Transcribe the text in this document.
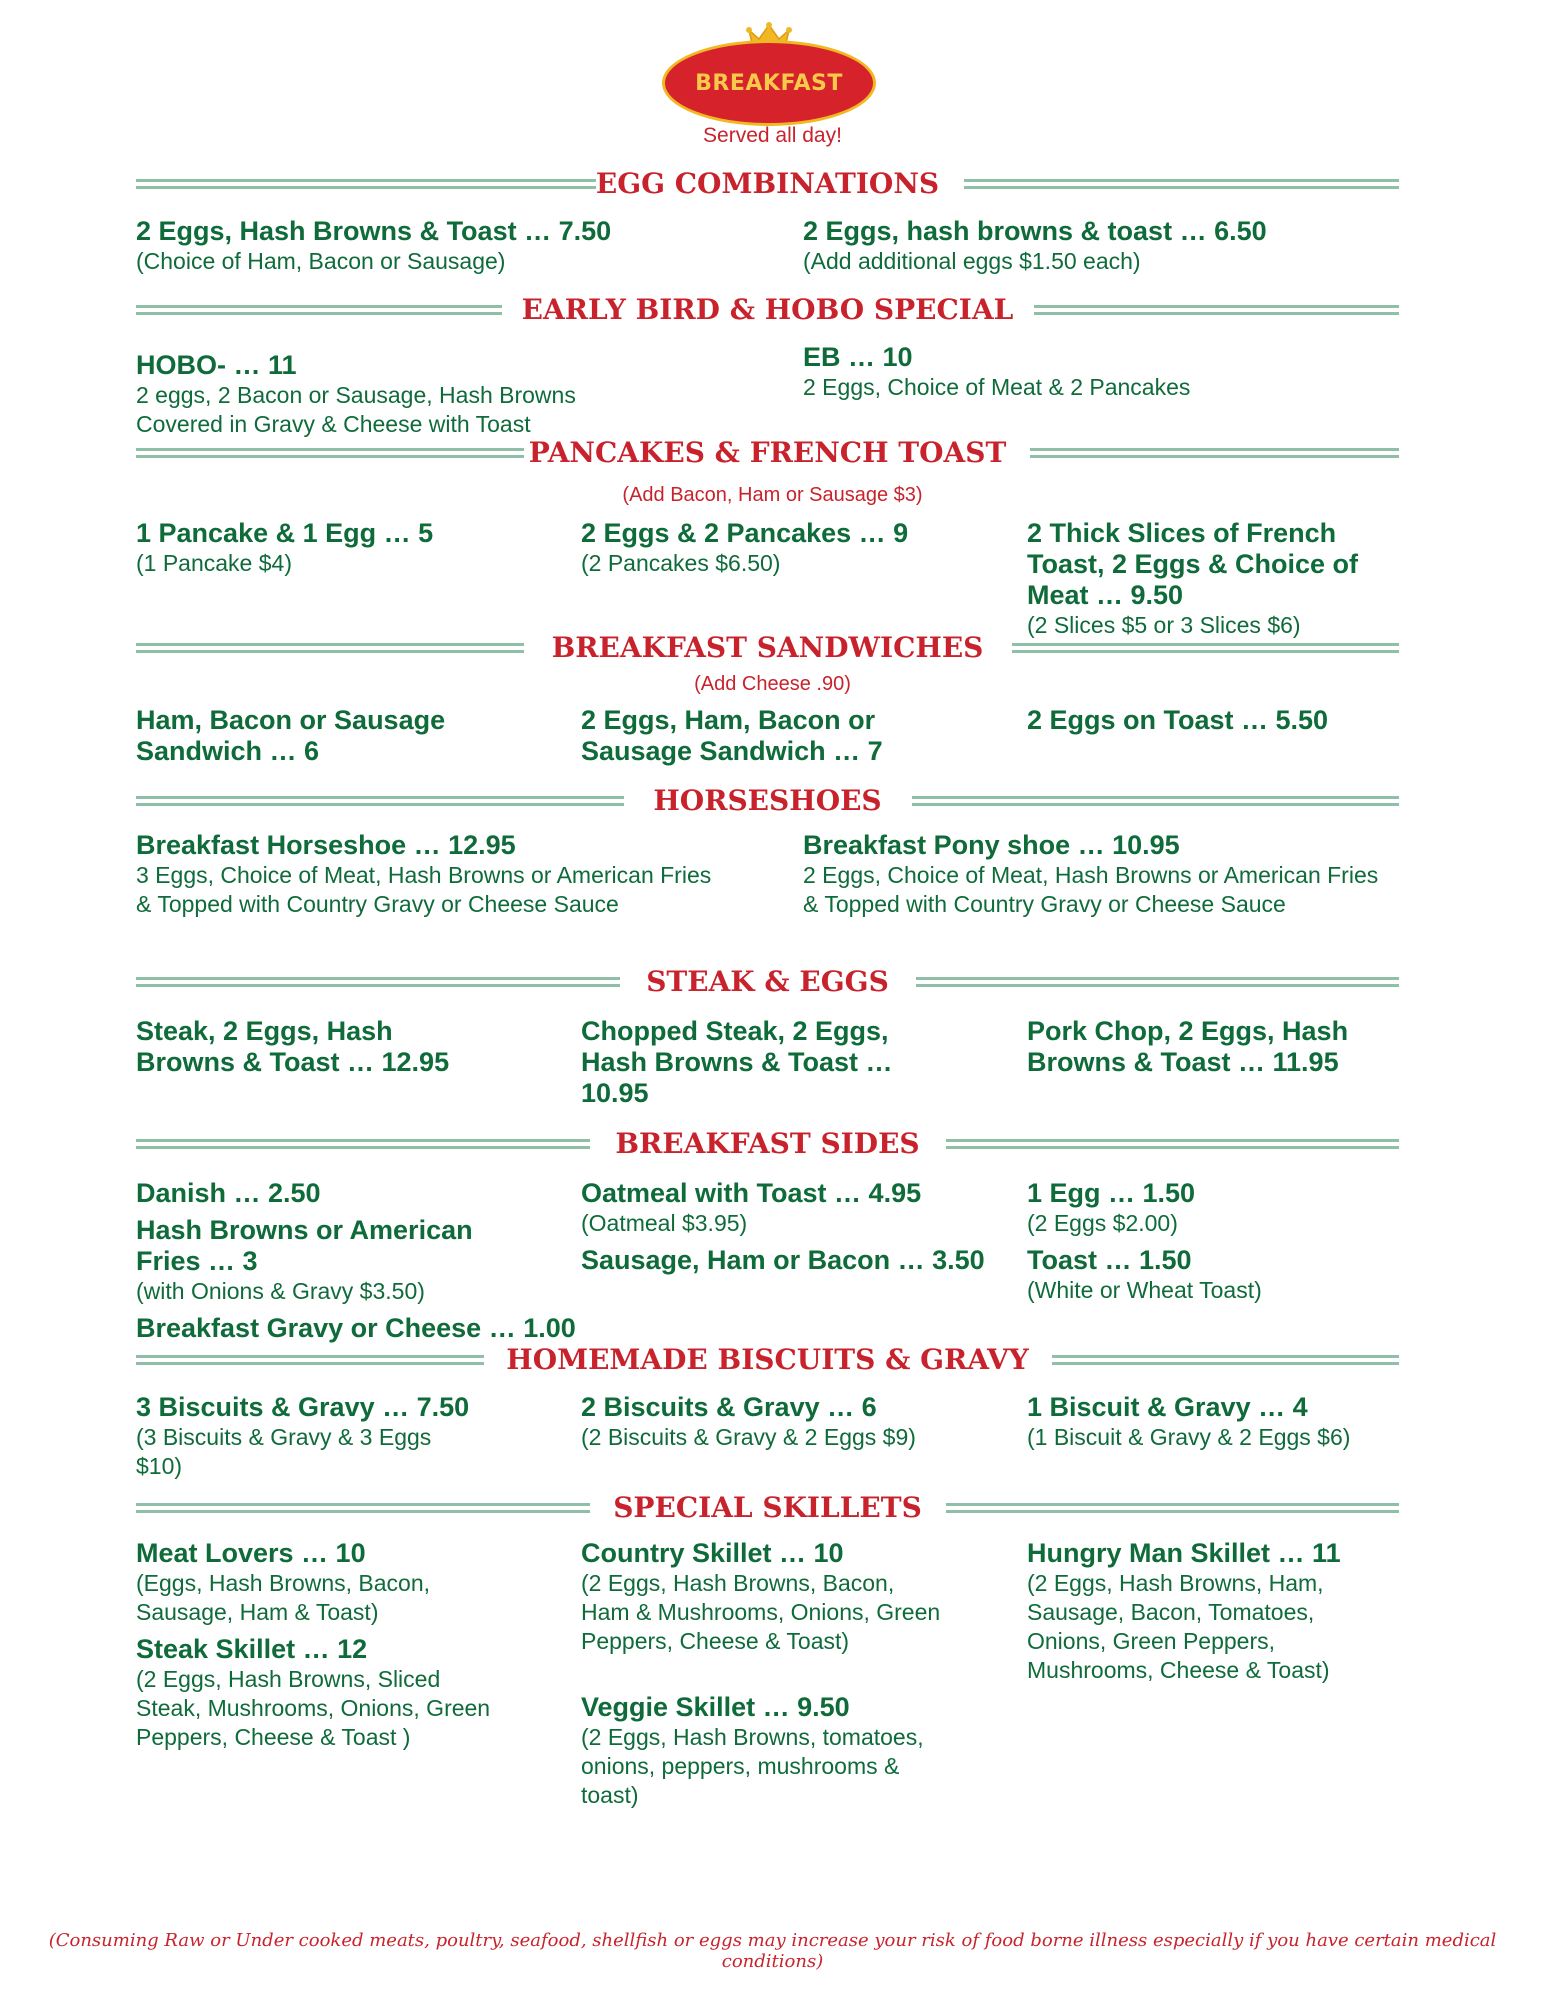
BREAKFAST
Served all day!
EGG COMBINATIONS
2 Eggs, Hash Browns & Toast … 7.50
(Choice of Ham, Bacon or Sausage)
2 Eggs, hash browns & toast … 6.50
(Add additional eggs $1.50 each)
EARLY BIRD & HOBO SPECIAL
HOBO- … 11
2 eggs, 2 Bacon or Sausage, Hash Browns Covered in Gravy & Cheese with Toast
EB … 10
2 Eggs, Choice of Meat & 2 Pancakes
PANCAKES & FRENCH TOAST
(Add Bacon, Ham or Sausage $3)
1 Pancake & 1 Egg … 5
(1 Pancake $4)
2 Eggs & 2 Pancakes … 9
(2 Pancakes $6.50)
2 Thick Slices of French Toast, 2 Eggs & Choice of Meat … 9.50
(2 Slices $5 or 3 Slices $6)
BREAKFAST SANDWICHES
(Add Cheese .90)
Ham, Bacon or Sausage Sandwich … 6
2 Eggs, Ham, Bacon or Sausage Sandwich … 7
2 Eggs on Toast … 5.50
HORSESHOES
Breakfast Horseshoe … 12.95
3 Eggs, Choice of Meat, Hash Browns or American Fries & Topped with Country Gravy or Cheese Sauce
Breakfast Pony shoe … 10.95
2 Eggs, Choice of Meat, Hash Browns or American Fries & Topped with Country Gravy or Cheese Sauce
STEAK & EGGS
Steak, 2 Eggs, Hash Browns & Toast … 12.95
Chopped Steak, 2 Eggs, Hash Browns & Toast … 10.95
Pork Chop, 2 Eggs, Hash Browns & Toast … 11.95
BREAKFAST SIDES
Danish … 2.50
Hash Browns or American Fries … 3
(with Onions & Gravy $3.50)
Breakfast Gravy or Cheese … 1.00
Oatmeal with Toast … 4.95
(Oatmeal $3.95)
Sausage, Ham or Bacon … 3.50
1 Egg … 1.50
(2 Eggs $2.00)
Toast … 1.50
(White or Wheat Toast)
HOMEMADE BISCUITS & GRAVY
3 Biscuits & Gravy … 7.50
(3 Biscuits & Gravy & 3 Eggs $10)
2 Biscuits & Gravy … 6
(2 Biscuits & Gravy & 2 Eggs $9)
1 Biscuit & Gravy … 4
(1 Biscuit & Gravy & 2 Eggs $6)
SPECIAL SKILLETS
Meat Lovers … 10
(Eggs, Hash Browns, Bacon, Sausage, Ham & Toast)
Steak Skillet … 12
(2 Eggs, Hash Browns, Sliced Steak, Mushrooms, Onions, Green Peppers, Cheese & Toast )
Country Skillet … 10
(2 Eggs, Hash Browns, Bacon, Ham & Mushrooms, Onions, Green Peppers, Cheese & Toast)
Veggie Skillet … 9.50
(2 Eggs, Hash Browns, tomatoes, onions, peppers, mushrooms & toast)
Hungry Man Skillet … 11
(2 Eggs, Hash Browns, Ham, Sausage, Bacon, Tomatoes, Onions, Green Peppers, Mushrooms, Cheese & Toast)
(Consuming Raw or Under cooked meats, poultry, seafood, shellfish or eggs may increase your risk of food borne illness especially if you have certain medical conditions)
